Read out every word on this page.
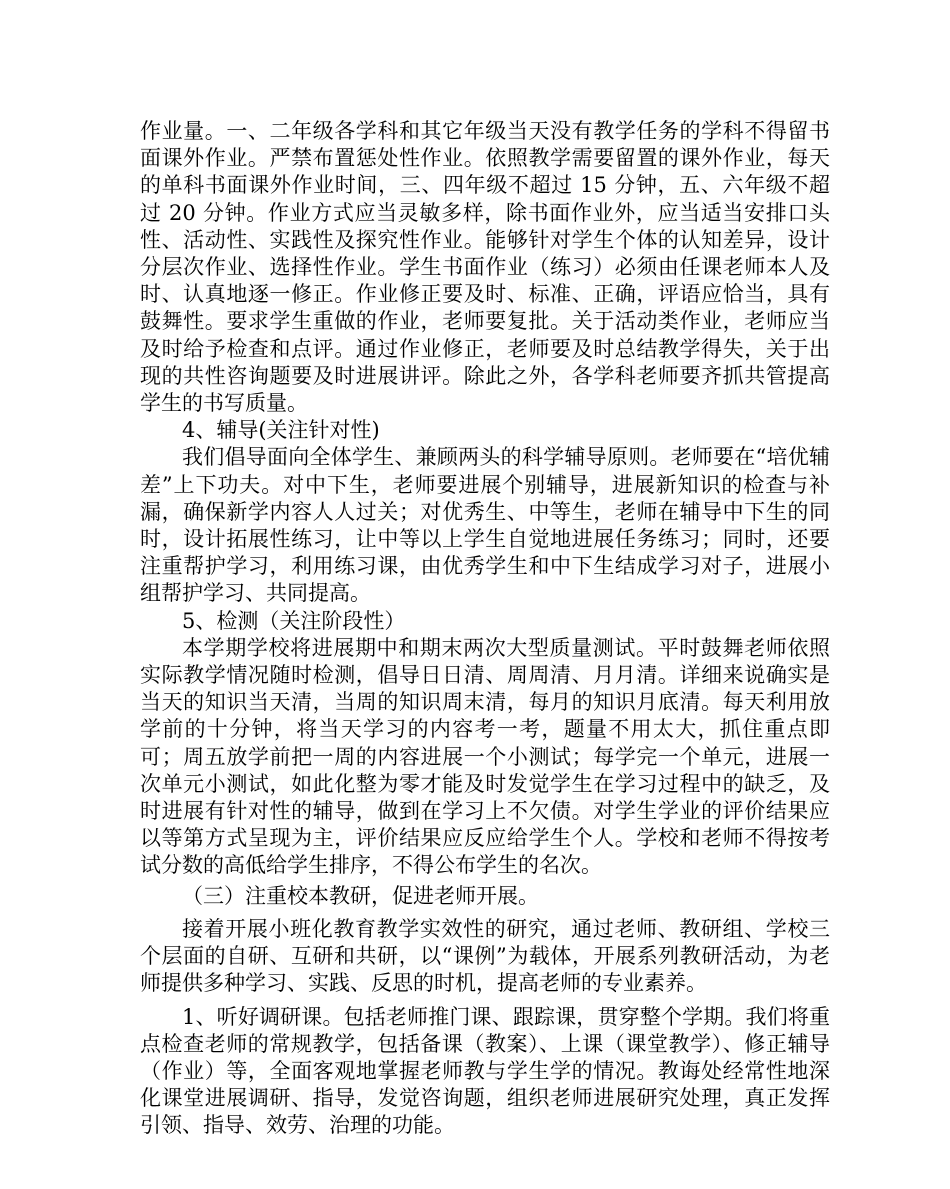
作业量。一、二年级各学科和其它年级当天没有教学任务的学科不得留书面课外作业。严禁布置惩处性作业。依照教学需要留置的课外作业，每天的单科书面课外作业时间，三、四年级不超过 15 分钟，五、六年级不超过 20 分钟。作业方式应当灵敏多样，除书面作业外，应当适当安排口头性、活动性、实践性及探究性作业。能够针对学生个体的认知差异，设计分层次作业、选择性作业。学生书面作业（练习）必须由任课老师本人及时、认真地逐一修正。作业修正要及时、标准、正确，评语应恰当，具有鼓舞性。要求学生重做的作业，老师要复批。关于活动类作业，老师应当及时给予检查和点评。通过作业修正，老师要及时总结教学得失，关于出现的共性咨询题要及时进展讲评。除此之外，各学科老师要齐抓共管提高学生的书写质量。

4、辅导(关注针对性)

我们倡导面向全体学生、兼顾两头的科学辅导原则。老师要在“培优辅差”上下功夫。对中下生，老师要进展个别辅导，进展新知识的检查与补漏，确保新学内容人人过关；对优秀生、中等生，老师在辅导中下生的同时，设计拓展性练习，让中等以上学生自觉地进展任务练习；同时，还要注重帮护学习，利用练习课，由优秀学生和中下生结成学习对子，进展小组帮护学习、共同提高。

5、检测（关注阶段性）

本学期学校将进展期中和期末两次大型质量测试。平时鼓舞老师依照实际教学情况随时检测，倡导日日清、周周清、月月清。详细来说确实是当天的知识当天清，当周的知识周末清，每月的知识月底清。每天利用放学前的十分钟，将当天学习的内容考一考，题量不用太大，抓住重点即可；周五放学前把一周的内容进展一个小测试；每学完一个单元，进展一次单元小测试，如此化整为零才能及时发觉学生在学习过程中的缺乏，及时进展有针对性的辅导，做到在学习上不欠债。对学生学业的评价结果应以等第方式呈现为主，评价结果应反应给学生个人。学校和老师不得按考试分数的高低给学生排序，不得公布学生的名次。

（三）注重校本教研，促进老师开展。

接着开展小班化教育教学实效性的研究，通过老师、教研组、学校三个层面的自研、互研和共研，以“课例”为载体，开展系列教研活动，为老师提供多种学习、实践、反思的时机，提高老师的专业素养。

1、听好调研课。包括老师推门课、跟踪课，贯穿整个学期。我们将重点检查老师的常规教学，包括备课（教案）、上课（课堂教学）、修正辅导（作业）等，全面客观地掌握老师教与学生学的情况。教诲处经常性地深化课堂进展调研、指导，发觉咨询题，组织老师进展研究处理，真正发挥引领、指导、效劳、治理的功能。
